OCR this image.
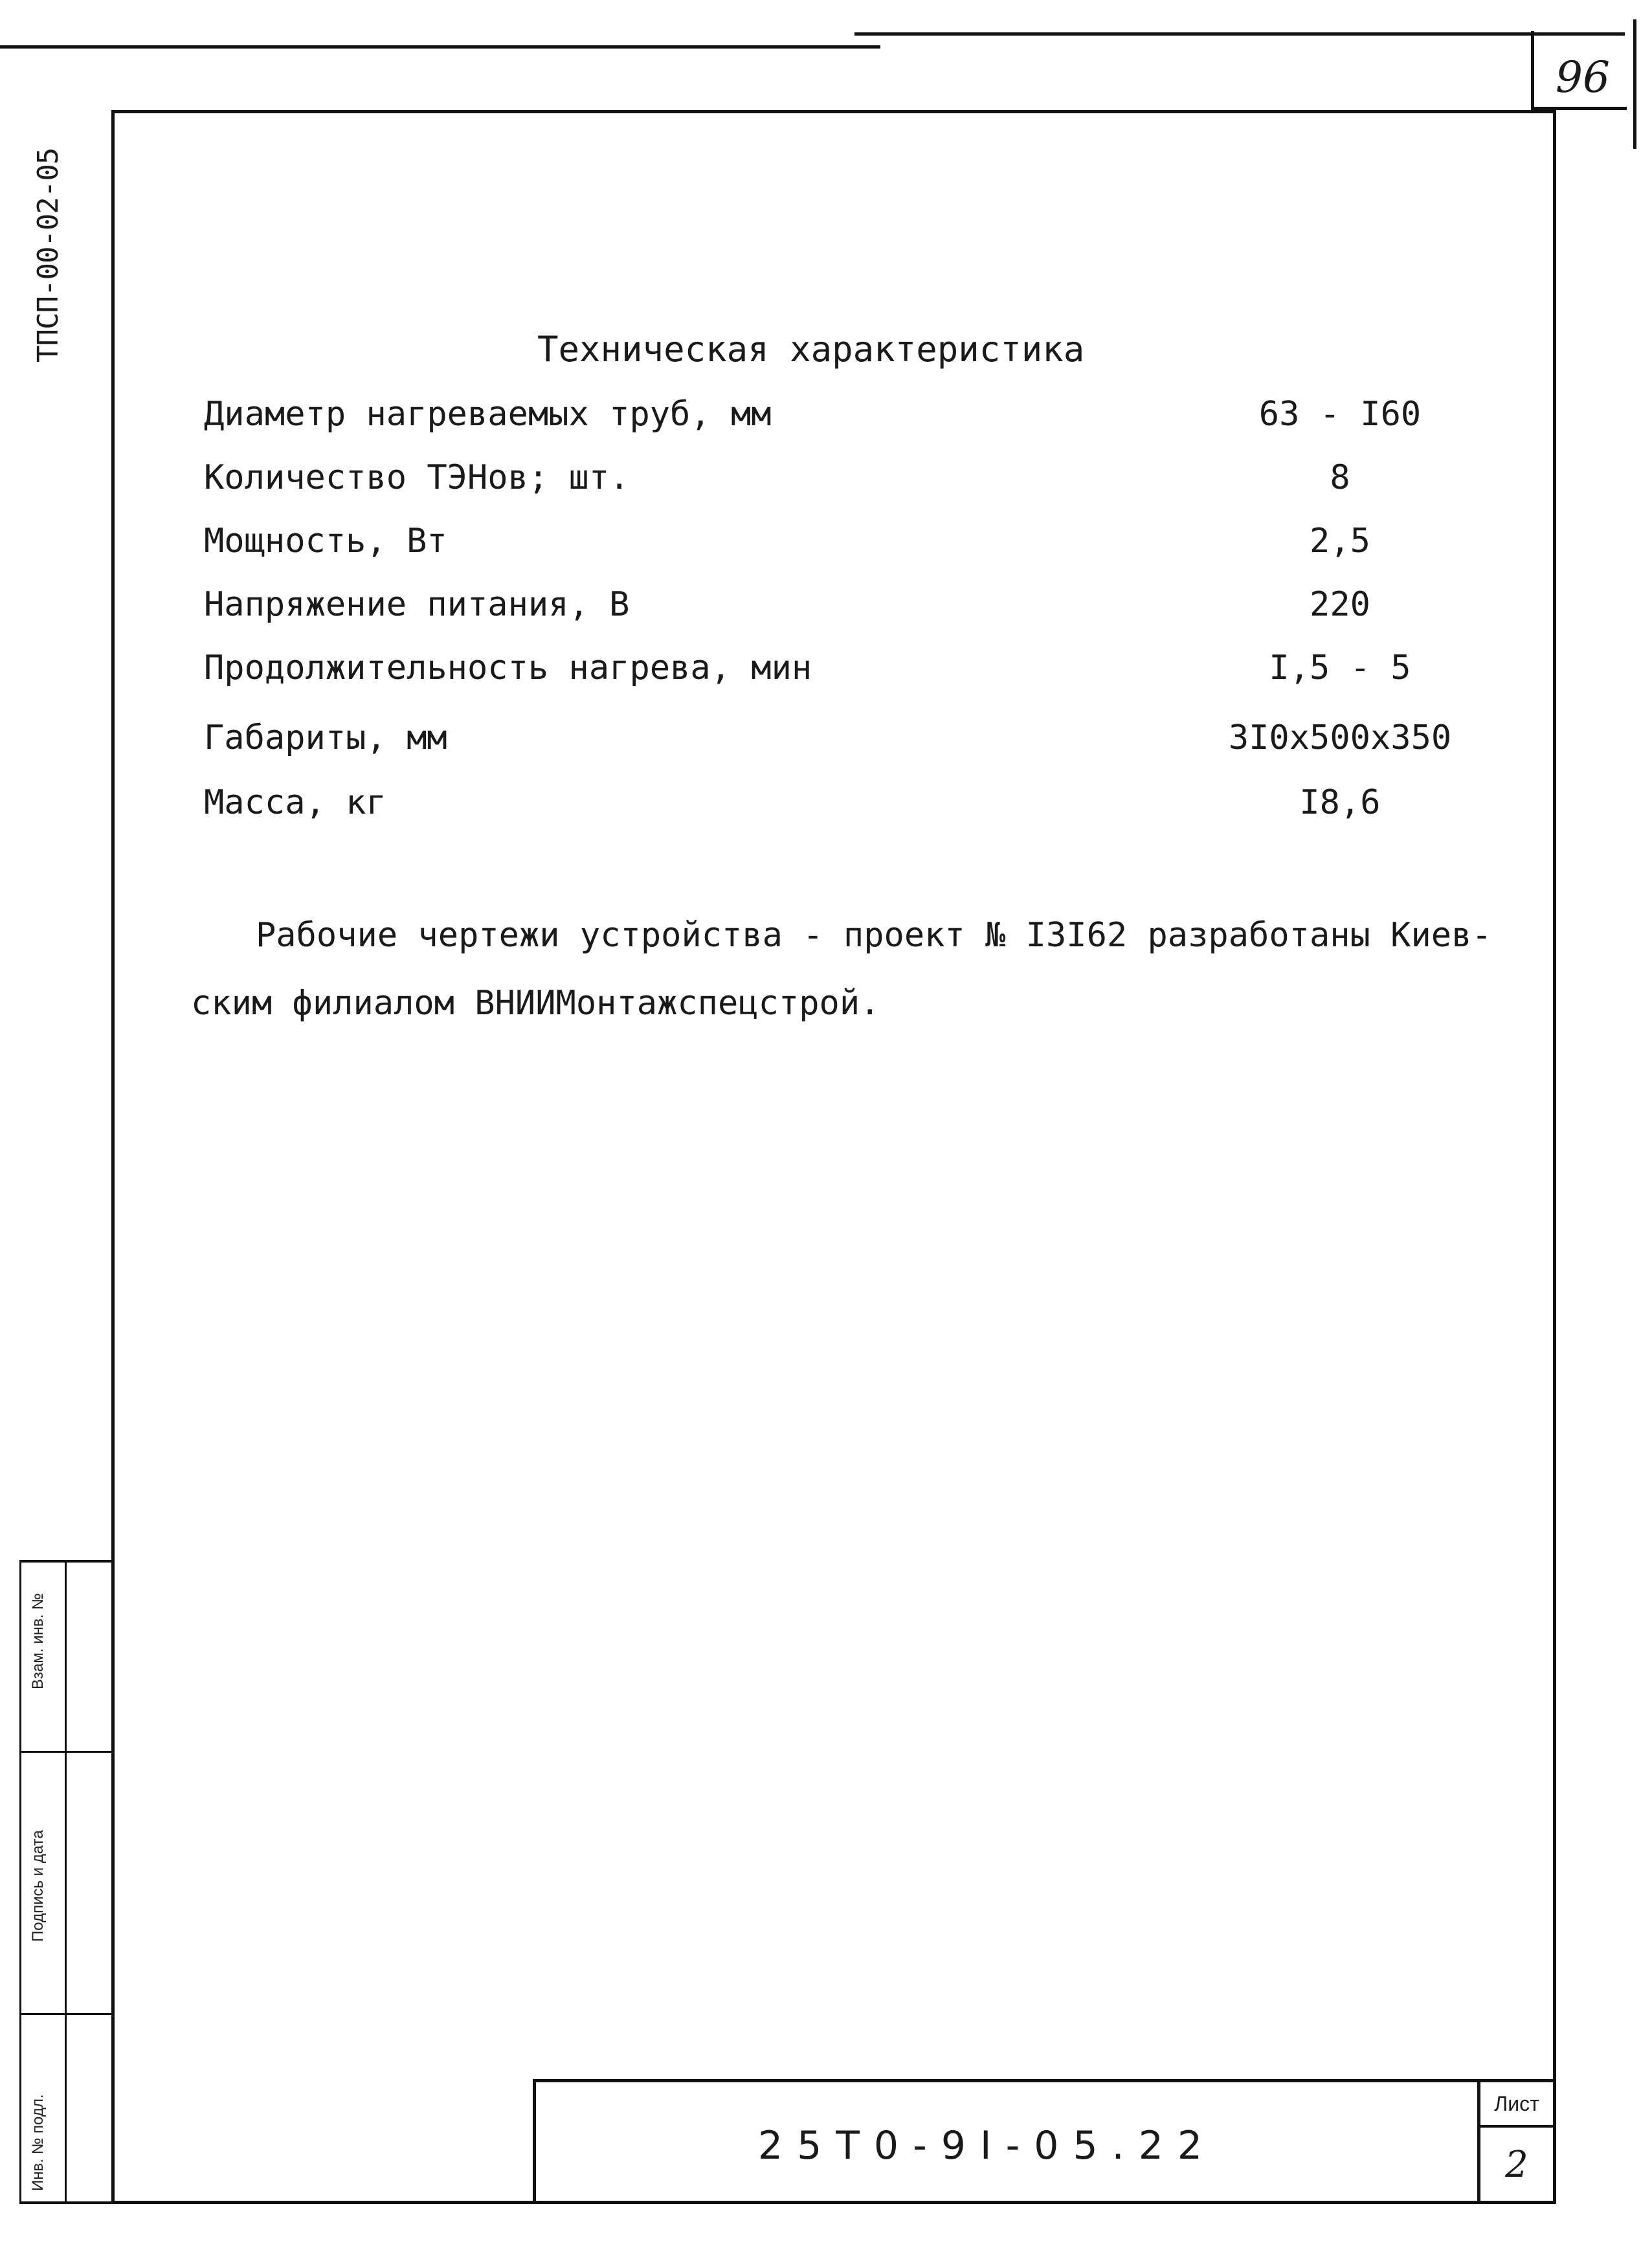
96
ТПСП-00-02-05
Взам. инв. №
Подпись и дата
Инв. № подл.
Техническая характеристика
Диаметр нагреваемых труб, мм	63 - I60
Количество ТЭНов; шт.	8
Мощность, Вт	2,5
Напряжение питания, В	220
Продолжительность нагрева, мин	I,5 - 5
Габариты, мм	3I0x500x350
Масса, кг	I8,6
Рабочие чертежи устройства - проект № I3I62 разработаны Киев-
ским филиалом ВНИИМонтажспецстрой.
25T0-9I-05.22
Лист
2
